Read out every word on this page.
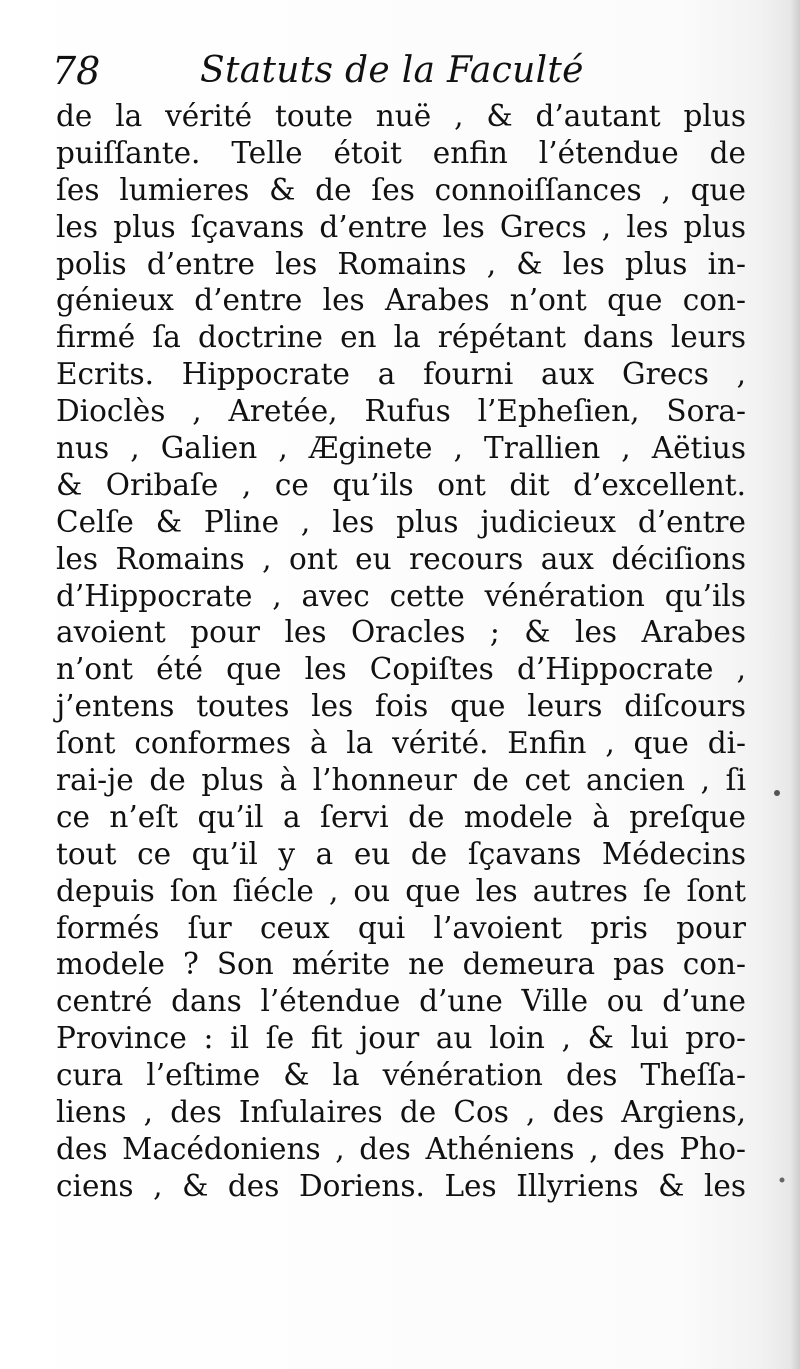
78	Statuts de la Faculté
de la vérité toute nuë , & d’autant plus
puiſſante. Telle étoit enfin l’étendue de
ſes lumieres & de ſes connoiſſances , que
les plus ſçavans d’entre les Grecs , les plus
polis d’entre les Romains , & les plus in-
génieux d’entre les Arabes n’ont que con-
firmé ſa doctrine en la répétant dans leurs
Ecrits. Hippocrate a fourni aux Grecs ,
Dioclès , Aretée, Rufus l’Epheſien, Sora-
nus , Galien , Æginete , Trallien , Aëtius
& Oribaſe , ce qu’ils ont dit d’excellent.
Celſe & Pline , les plus judicieux d’entre
les Romains , ont eu recours aux déciſions
d’Hippocrate , avec cette vénération qu’ils
avoient pour les Oracles ; & les Arabes
n’ont été que les Copiſtes d’Hippocrate ,
j’entens toutes les fois que leurs diſcours
ſont conformes à la vérité. Enfin , que di-
rai-je de plus à l’honneur de cet ancien , ſi
ce n’eſt qu’il a ſervi de modele à preſque
tout ce qu’il y a eu de ſçavans Médecins
depuis ſon ſiécle , ou que les autres ſe ſont
formés ſur ceux qui l’avoient pris pour
modele ? Son mérite ne demeura pas con-
centré dans l’étendue d’une Ville ou d’une
Province : il ſe fit jour au loin , & lui pro-
cura l’eſtime & la vénération des Theſſa-
liens , des Inſulaires de Cos , des Argiens,
des Macédoniens , des Athéniens , des Pho-
ciens , & des Doriens. Les Illyriens & les
